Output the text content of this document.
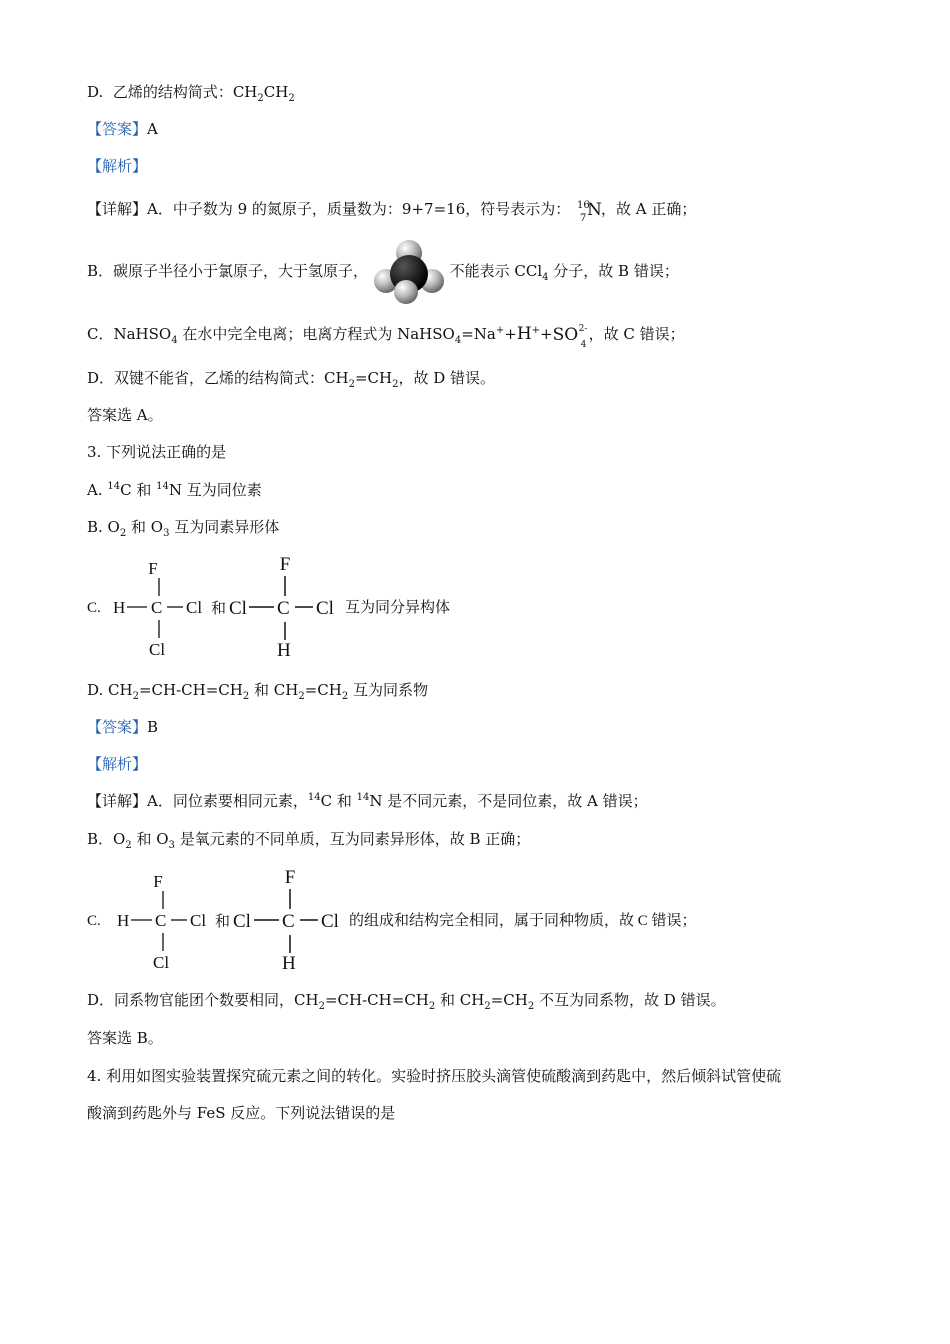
D. 乙烯的结构简式：$CH_2CH_2$
【答案】A
【解析】
【详解】A．中子数为 9 的氮原子，质量数为：9+7=16，符号表示为： 16
7 N ，故 A 正确；
B．碳原子半径小于氯原子，大于氢原子，	不能表示 CCl$_4$ 分子，故 B 错误；
C．NaHSO$_4$ 在水中完全电离；电离方程式为 NaHSO$_4$=Na++H++ SO 2-
4
，故 C 错误；
D．双键不能省，乙烯的结构简式：$CH_2=CH_2$，故 D 错误。
答案选 A。
3. 下列说法正确的是
A. $^{14}$C 和 $^{14}$N 互为同位素
B. $O_2$ 和 $O_3$ 互为同素异形体
C.
F
H C Cl
Cl
和
F
Cl C Cl
H
互为同分异构体
D. $CH_2=CH-CH=CH_2$ 和 $CH_2=CH_2$ 互为同系物
【答案】B
【解析】
【详解】A．同位素要相同元素，$^{14}$C 和 $^{14}$N 是不同元素，不是同位素，故 A 错误；
B．$O_2$ 和 $O_3$ 是氧元素的不同单质，互为同素异形体，故 B 正确；
C.
F
H C Cl
Cl
和
F
Cl C Cl
H
的组成和结构完全相同，属于同种物质，故 C 错误；
D．同系物官能团个数要相同，$CH_2=CH-CH=CH_2$ 和 $CH_2=CH_2$ 不互为同系物，故 D 错误。
答案选 B。
4. 利用如图实验装置探究硫元素之间的转化。实验时挤压胶头滴管使硫酸滴到药匙中，然后倾斜试管使硫
酸滴到药匙外与 FeS 反应。下列说法错误的是
